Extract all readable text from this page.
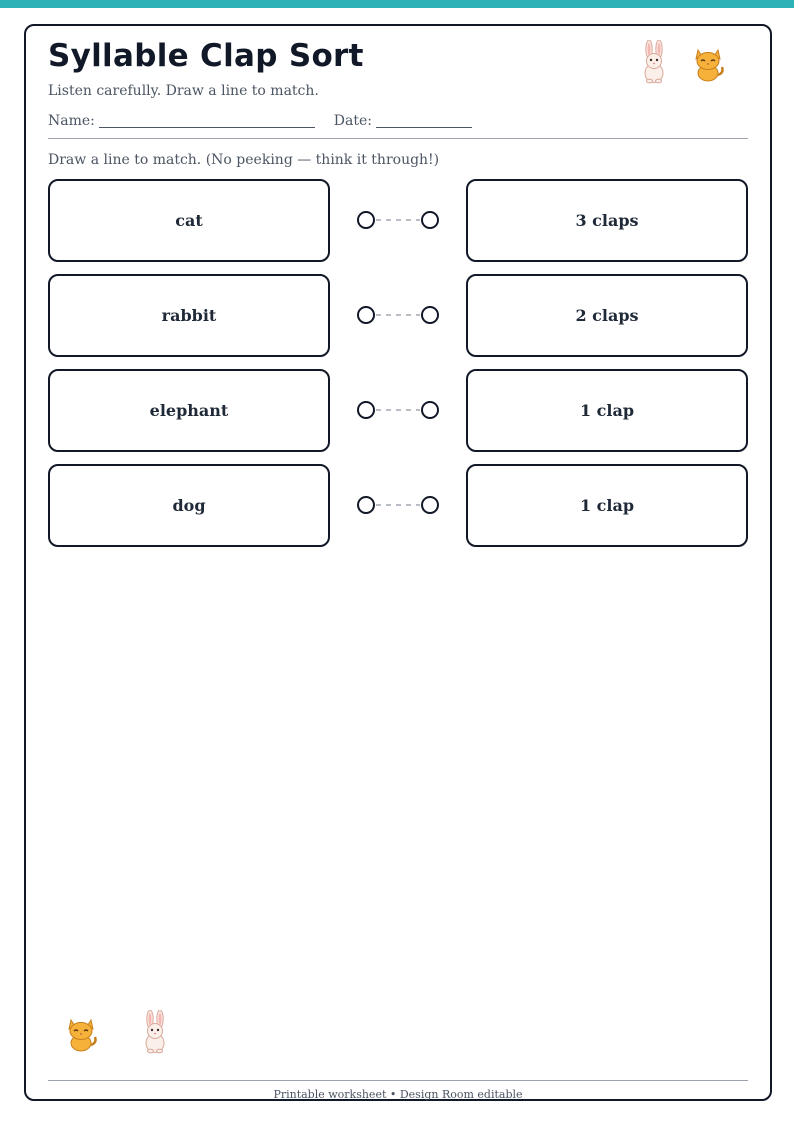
Syllable Clap Sort
Listen carefully. Draw a line to match.
Name:	Date:
Draw a line to match. (No peeking — think it through!)
cat	3 claps
rabbit	2 claps
elephant	1 clap
dog	1 clap
Printable worksheet • Design Room editable
